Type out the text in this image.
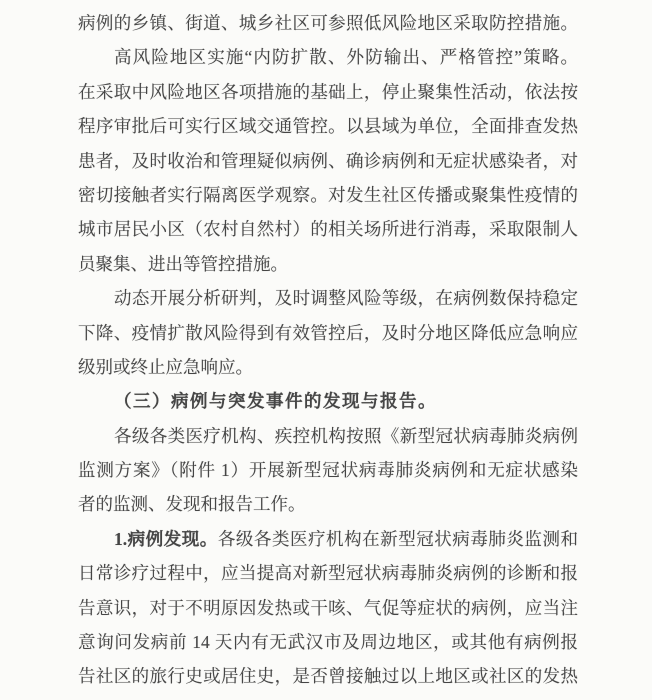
病例的乡镇、街道、城乡社区可参照低风险地区采取防控措施。
高风险地区实施“内防扩散、外防输出、严格管控”策略。
在采取中风险地区各项措施的基础上，停止聚集性活动，依法按
程序审批后可实行区域交通管控。以县域为单位，全面排查发热
患者，及时收治和管理疑似病例、确诊病例和无症状感染者，对
密切接触者实行隔离医学观察。对发生社区传播或聚集性疫情的
城市居民小区（农村自然村）的相关场所进行消毒，采取限制人
员聚集、进出等管控措施。
动态开展分析研判，及时调整风险等级，在病例数保持稳定
下降、疫情扩散风险得到有效管控后，及时分地区降低应急响应
级别或终止应急响应。
（三）病例与突发事件的发现与报告。
各级各类医疗机构、疾控机构按照《新型冠状病毒肺炎病例
监测方案》（附件 1）开展新型冠状病毒肺炎病例和无症状感染
者的监测、发现和报告工作。
1.病例发现。各级各类医疗机构在新型冠状病毒肺炎监测和
日常诊疗过程中，应当提高对新型冠状病毒肺炎病例的诊断和报
告意识，对于不明原因发热或干咳、气促等症状的病例，应当注
意询问发病前 14 天内有无武汉市及周边地区，或其他有病例报
告社区的旅行史或居住史，是否曾接触过以上地区或社区的发热
